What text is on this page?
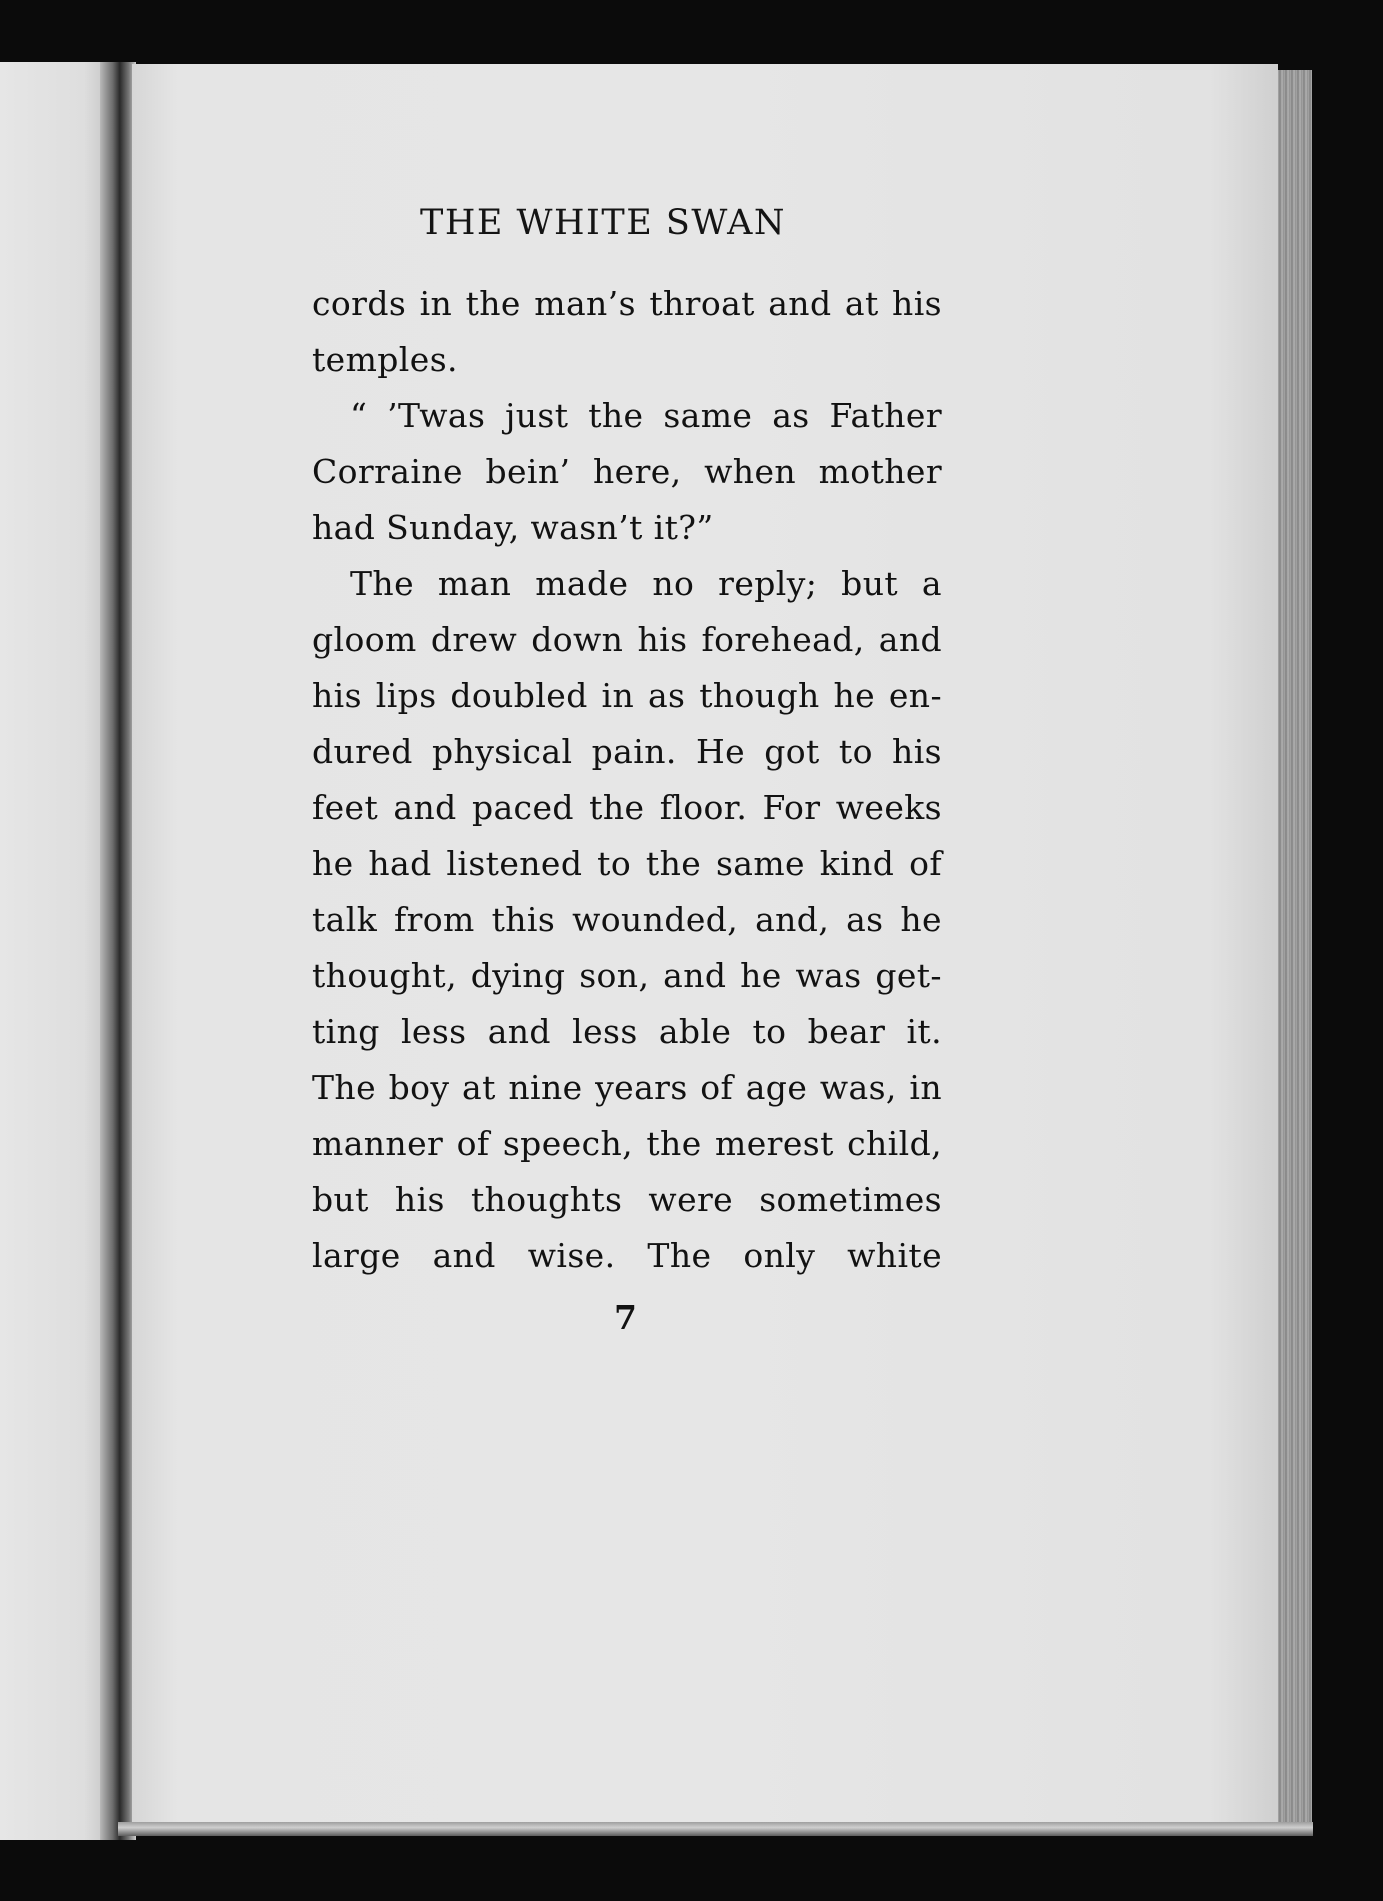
THE WHITE SWAN
cords in the man’s throat and at his
temples.
“ ’Twas just the same as Father
Corraine bein’ here, when mother
had Sunday, wasn’t it?”
The man made no reply; but a
gloom drew down his forehead, and
his lips doubled in as though he en-
dured physical pain. He got to his
feet and paced the floor. For weeks
he had listened to the same kind of
talk from this wounded, and, as he
thought, dying son, and he was get-
ting less and less able to bear it.
The boy at nine years of age was, in
manner of speech, the merest child,
but his thoughts were sometimes
large and wise. The only white
7
